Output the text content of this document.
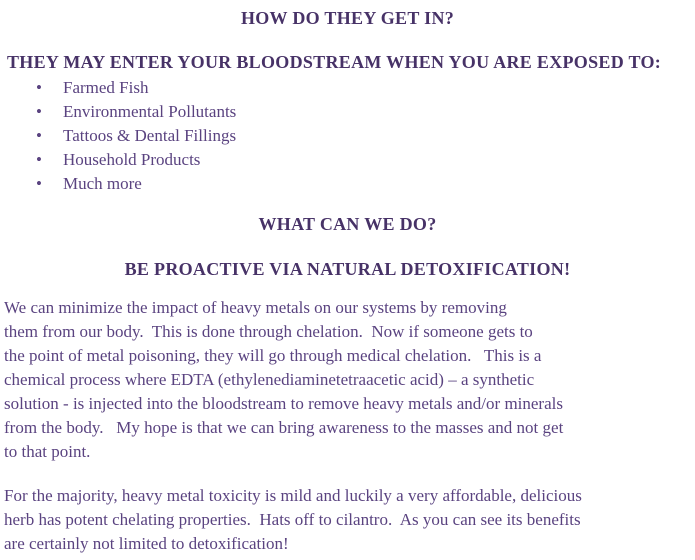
HOW DO THEY GET IN?
THEY MAY ENTER YOUR BLOODSTREAM WHEN YOU ARE EXPOSED TO:
•	Farmed Fish
•	Environmental Pollutants
•	Tattoos & Dental Fillings
•	Household Products
•	Much more
WHAT CAN WE DO?
BE PROACTIVE VIA NATURAL DETOXIFICATION!
We can minimize the impact of heavy metals on our systems by removing
them from our body.  This is done through chelation.  Now if someone gets to
the point of metal poisoning, they will go through medical chelation.   This is a
chemical process where EDTA (ethylenediaminetetraacetic acid) – a synthetic
solution - is injected into the bloodstream to remove heavy metals and/or minerals
from the body.   My hope is that we can bring awareness to the masses and not get
to that point.
For the majority, heavy metal toxicity is mild and luckily a very affordable, delicious
herb has potent chelating properties.  Hats off to cilantro.  As you can see its benefits
are certainly not limited to detoxification!
